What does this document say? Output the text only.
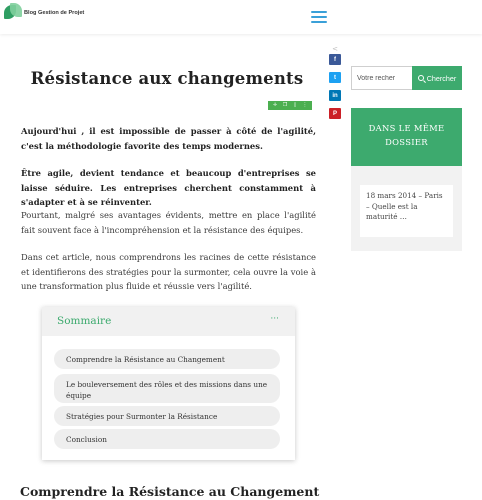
Blog Gestion de Projet
<
f
t
in
P
Résistance aux changements
✛	❐	▯	⋮

Aujourd'hui , il est impossible de passer à côté de l'agilité, c'est la méthodologie favorite des temps modernes.

Être agile, devient tendance et beaucoup d'entreprises se laisse séduire. Les entreprises cherchent constamment à s'adapter et à se réinventer.

Pourtant, malgré ses avantages évidents, mettre en place l'agilité fait souvent face à l'incompréhension et la résistance des équipes.

Dans cet article, nous comprendrons les racines de cette résistance et identifierons des stratégies pour la surmonter, cela ouvre la voie à une transformation plus fluide et réussie vers l'agilité.

Sommaire	···
Comprendre la Résistance au Changement
Le bouleversement des rôles et des missions dans une équipe
Stratégies pour Surmonter la Résistance
Conclusion
Comprendre la Résistance au Changement
Votre recher
Chercher
DANS LE MÊME DOSSIER
18 mars 2014 – Paris – Quelle est la maturité …
